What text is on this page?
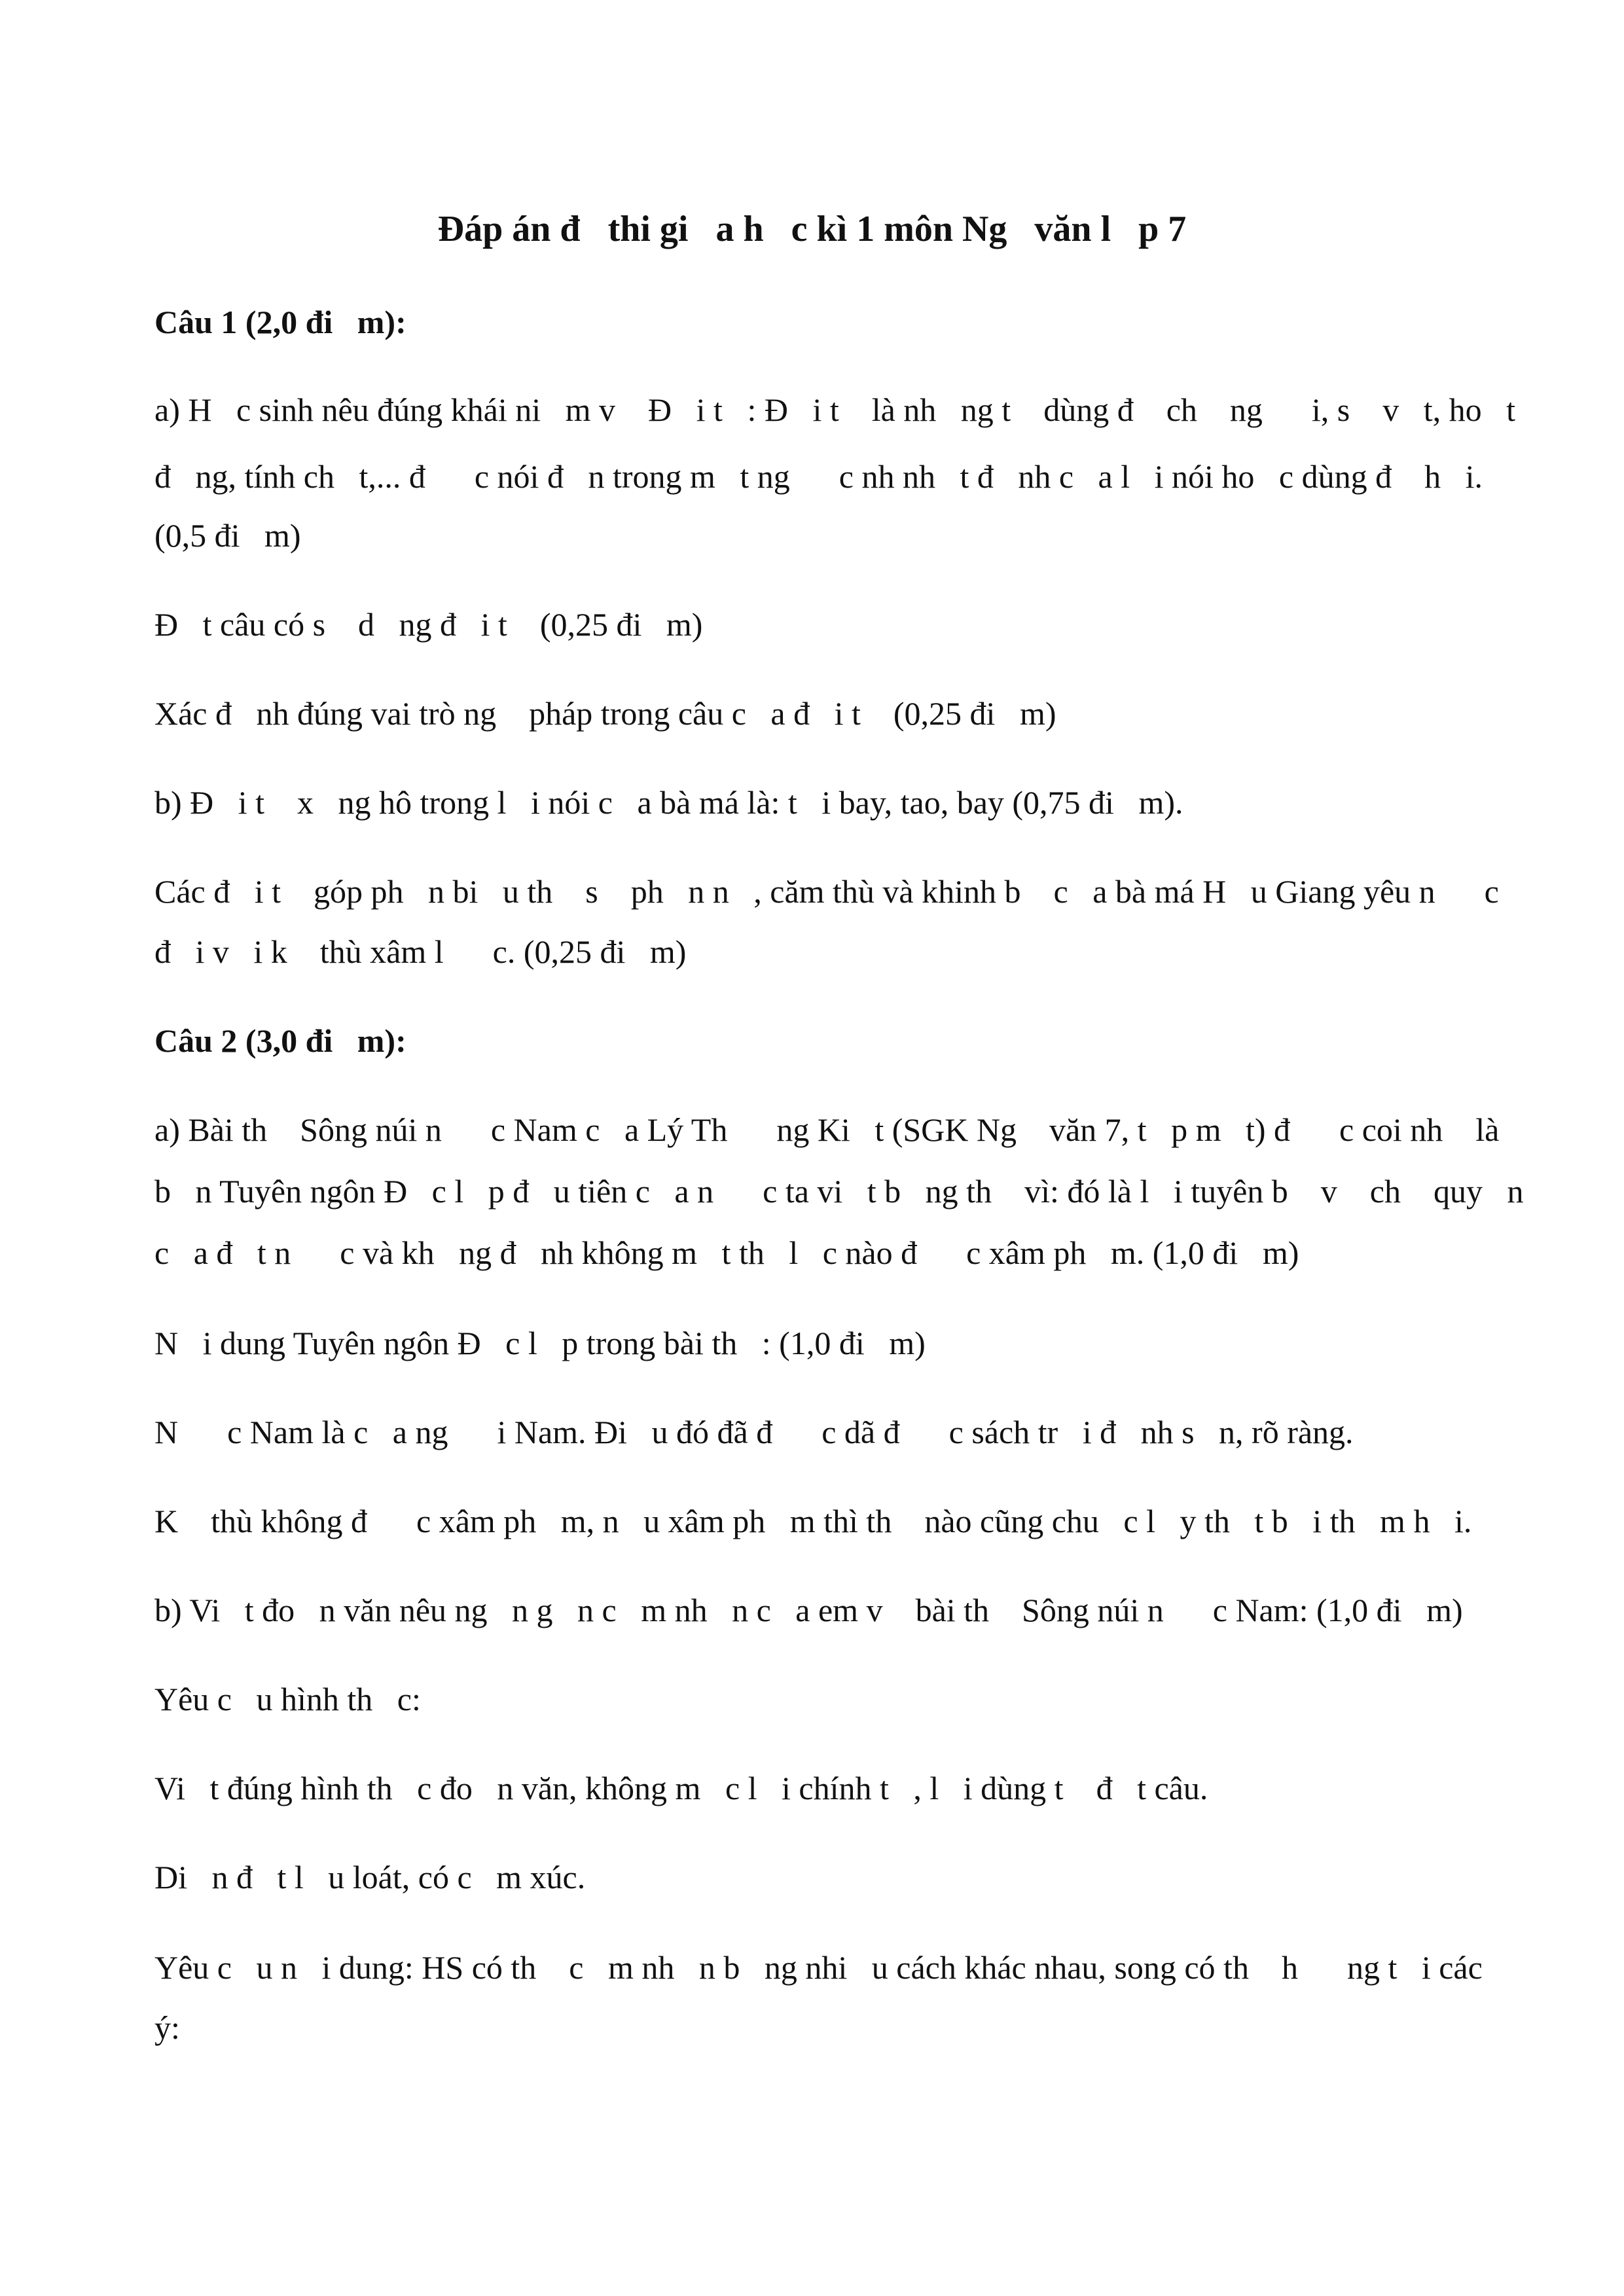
Đáp án đ   thi gi   a h   c kì 1 môn Ng   văn l   p 7
Câu 1 (2,0 đi   m):
a) H   c sinh nêu đúng khái ni   m v    Đ   i t   : Đ   i t    là nh   ng t    dùng đ    ch    ng      i, s    v   t, ho   t
đ   ng, tính ch   t,... đ      c nói đ   n trong m   t ng      c nh nh   t đ   nh c   a l   i nói ho   c dùng đ    h   i.
(0,5 đi   m)
Đ   t câu có s    d   ng đ   i t    (0,25 đi   m)
Xác đ   nh đúng vai trò ng    pháp trong câu c   a đ   i t    (0,25 đi   m)
b) Đ   i t    x   ng hô trong l   i nói c   a bà má là: t   i bay, tao, bay (0,75 đi   m).
Các đ   i t    góp ph   n bi   u th    s    ph   n n   , căm thù và khinh b    c   a bà má H   u Giang yêu n      c
đ   i v   i k    thù xâm l      c. (0,25 đi   m)
Câu 2 (3,0 đi   m):
a) Bài th    Sông núi n      c Nam c   a Lý Th      ng Ki   t (SGK Ng    văn 7, t   p m   t) đ      c coi nh    là
b   n Tuyên ngôn Đ   c l   p đ   u tiên c   a n      c ta vi   t b   ng th    vì: đó là l   i tuyên b    v    ch    quy   n
c   a đ   t n      c và kh   ng đ   nh không m   t th   l   c nào đ      c xâm ph   m. (1,0 đi   m)
N   i dung Tuyên ngôn Đ   c l   p trong bài th   : (1,0 đi   m)
N      c Nam là c   a ng      i Nam. Đi   u đó đã đ      c dã đ      c sách tr   i đ   nh s   n, rõ ràng.
K    thù không đ      c xâm ph   m, n   u xâm ph   m thì th    nào cũng chu   c l   y th   t b   i th   m h   i.
b) Vi   t đo   n văn nêu ng   n g   n c   m nh   n c   a em v    bài th    Sông núi n      c Nam: (1,0 đi   m)
Yêu c   u hình th   c:
Vi   t đúng hình th   c đo   n văn, không m   c l   i chính t   , l   i dùng t    đ   t câu.
Di   n đ   t l   u loát, có c   m xúc.
Yêu c   u n   i dung: HS có th    c   m nh   n b   ng nhi   u cách khác nhau, song có th    h      ng t   i các
ý:
